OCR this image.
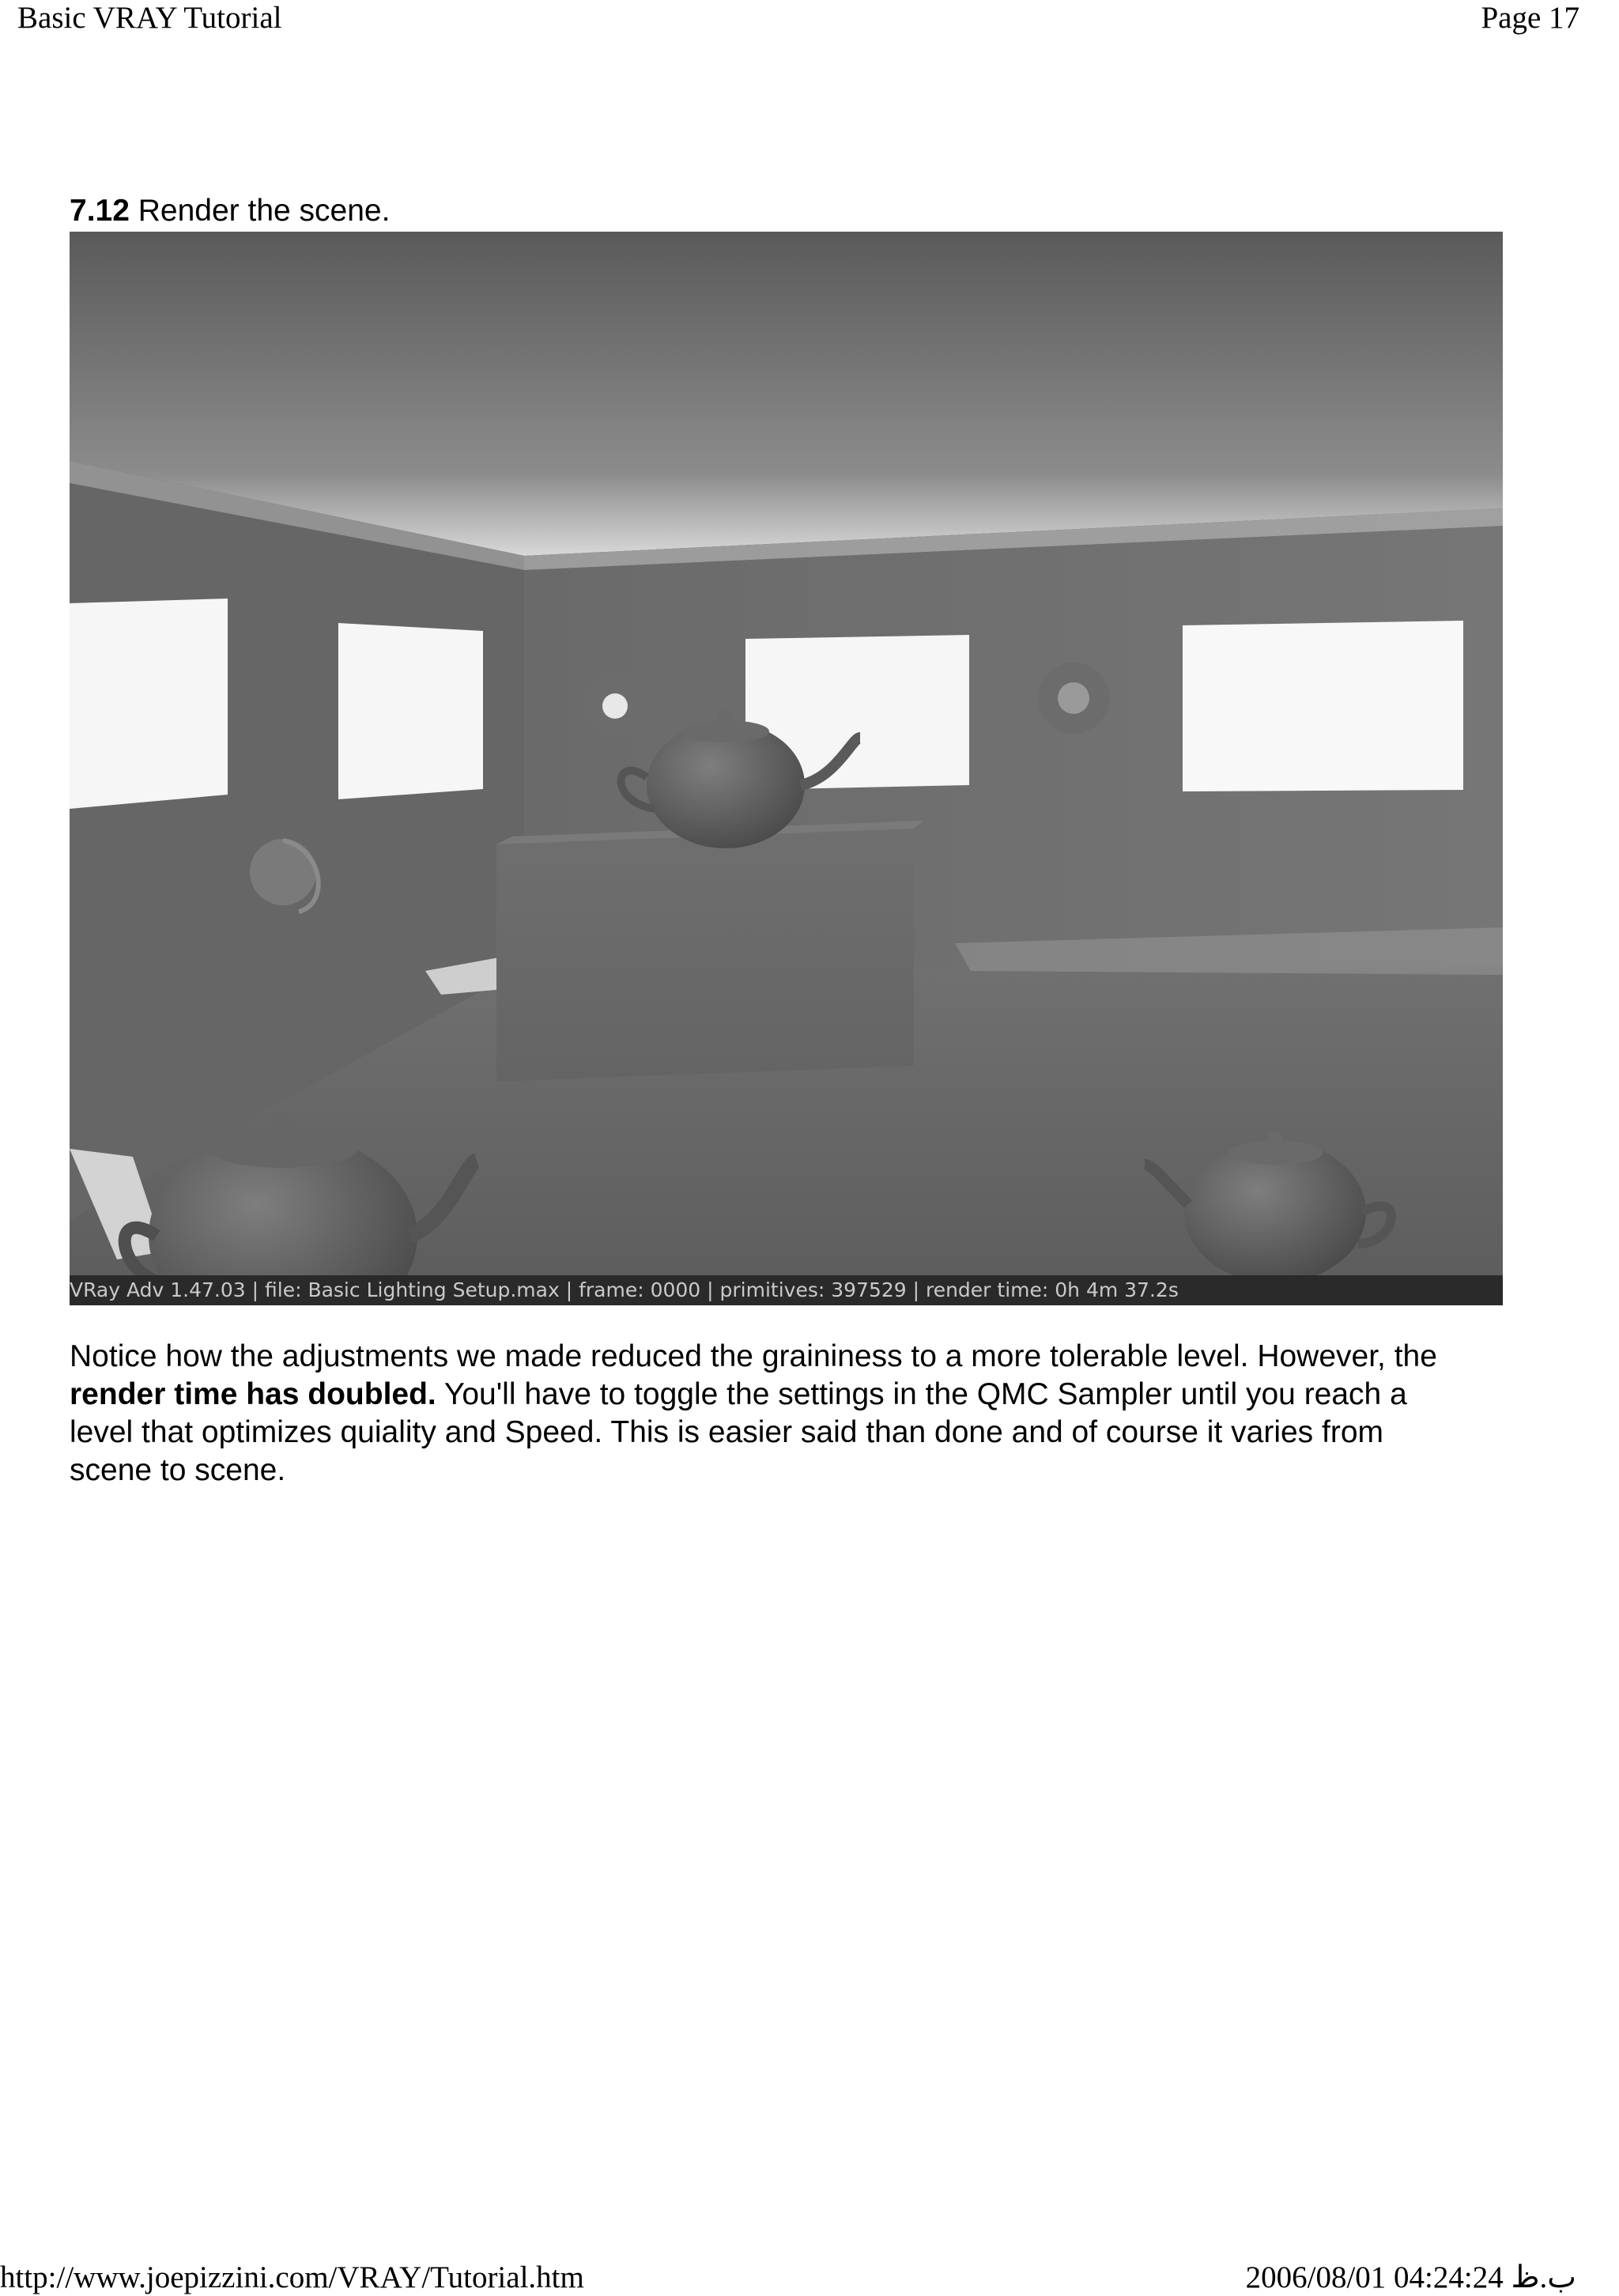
Basic VRAY Tutorial	Page 17
7.12 Render the scene.
VRay Adv 1.47.03 | file: Basic Lighting Setup.max | frame: 0000 | primitives: 397529 | render time: 0h 4m 37.2s
Notice how the adjustments we made reduced the graininess to a more tolerable level. However, the
render time has doubled. You'll have to toggle the settings in the QMC Sampler until you reach a
level that optimizes quiality and Speed. This is easier said than done and of course it varies from
scene to scene.
http://www.joepizzini.com/VRAY/Tutorial.htm	2006/08/01 04:24:24 ب.ظ
